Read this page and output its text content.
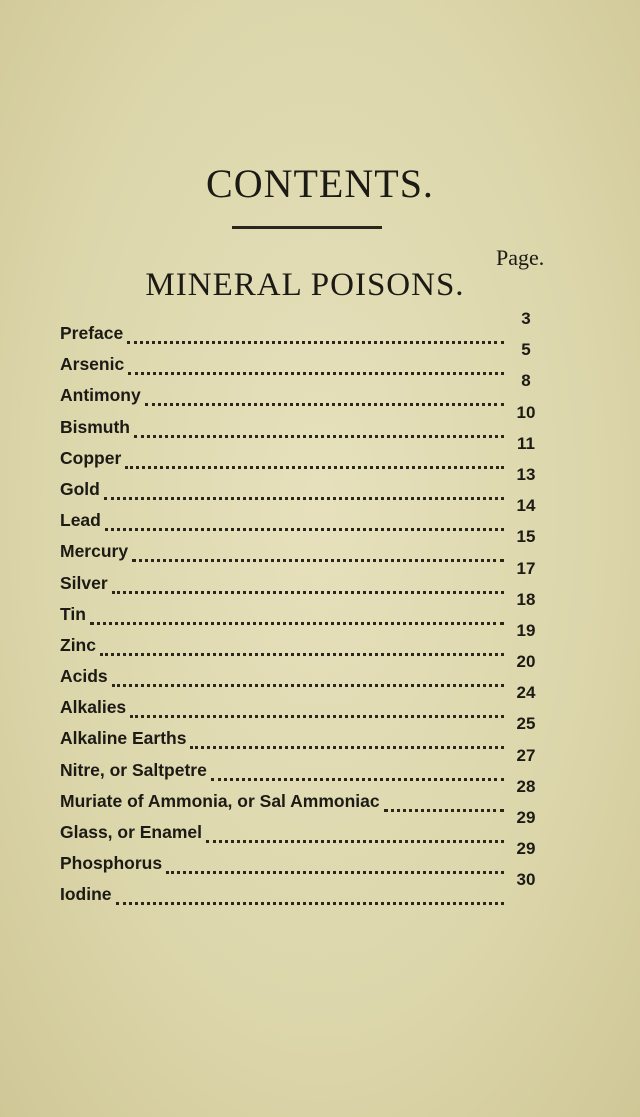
CONTENTS.
Page.
MINERAL POISONS.
Preface
3
Arsenic
5
Antimony
8
Bismuth
10
Copper
11
Gold
13
Lead
14
Mercury
15
Silver
17
Tin
18
Zinc
19
Acids
20
Alkalies
24
Alkaline Earths
25
Nitre, or Saltpetre
27
Muriate of Ammonia, or Sal Ammoniac
28
Glass, or Enamel
29
Phosphorus
29
Iodine
30
